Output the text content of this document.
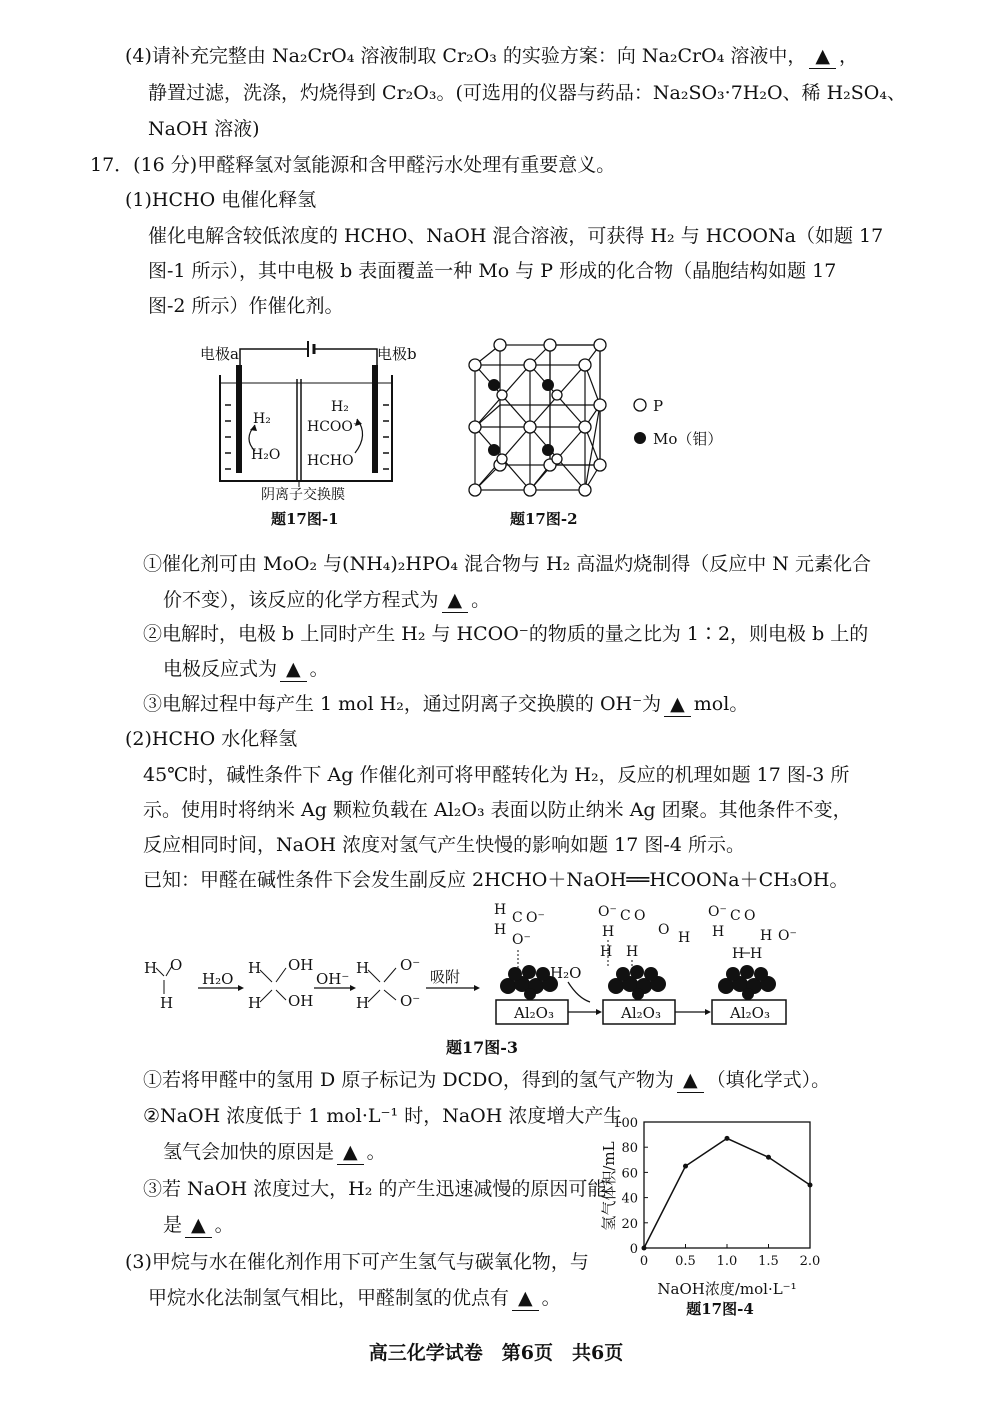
(4)请补充完整由 Na₂CrO₄ 溶液制取 Cr₂O₃ 的实验方案：向 Na₂CrO₄ 溶液中， ▲ ，
静置过滤，洗涤，灼烧得到 Cr₂O₃。(可选用的仪器与药品：Na₂SO₃·7H₂O、稀 H₂SO₄、
NaOH 溶液)
17．(16 分)甲醛释氢对氢能源和含甲醛污水处理有重要意义。
(1)HCHO 电催化释氢
催化电解含较低浓度的 HCHO、NaOH 混合溶液，可获得 H₂ 与 HCOONa（如题 17
图-1 所示），其中电极 b 表面覆盖一种 Mo 与 P 形成的化合物（晶胞结构如题 17
图-2 所示）作催化剂。
电极a	电极b
H₂
H₂O
H₂
HCOO⁻
HCHO
阴离子交换膜
题17图-1
P
Mo（钼）
题17图-2
①催化剂可由 MoO₂ 与(NH₄)₂HPO₄ 混合物与 H₂ 高温灼烧制得（反应中 N 元素化合
价不变），该反应的化学方程式为 ▲ 。
②电解时，电极 b 上同时产生 H₂ 与 HCOO⁻的物质的量之比为 1∶2，则电极 b 上的
电极反应式为 ▲ 。
③电解过程中每产生 1 mol H₂，通过阴离子交换膜的 OH⁻为 ▲ mol。
(2)HCHO 水化释氢
45℃时，碱性条件下 Ag 作催化剂可将甲醛转化为 H₂，反应的机理如题 17 图-3 所
示。使用时将纳米 Ag 颗粒负载在 Al₂O₃ 表面以防止纳米 Ag 团聚。其他条件不变，
反应相同时间，NaOH 浓度对氢气产生快慢的影响如题 17 图-4 所示。
已知：甲醛在碱性条件下会发生副反应 2HCHO＋NaOH══HCOONa＋CH₃OH。
H O
H
H₂O
H OH
H OH
OH⁻
H O⁻
H O⁻
吸附
Al₂O₃	Al₂O₃	Al₂O₃
H₂O
H C O⁻
H
O⁻
O⁻ C O
H
H H
O H
O⁻ C O
H	H O⁻
H H
题17图-3
①若将甲醛中的氢用 D 原子标记为 DCDO，得到的氢气产物为 ▲ （填化学式）。
②NaOH 浓度低于 1 mol·L⁻¹ 时，NaOH 浓度增大产生
氢气会加快的原因是 ▲ 。
③若 NaOH 浓度过大，H₂ 的产生迅速减慢的原因可能
是 ▲ 。
(3)甲烷与水在催化剂作用下可产生氢气与碳氧化物，与
甲烷水化法制氢气相比，甲醛制氢的优点有 ▲ 。
0
20
40
60
80
100
0 0.5 1.0 1.5 2.0
氢气体积/mL
NaOH浓度/mol·L⁻¹
题17图-4
高三化学试卷　第6页　共6页
